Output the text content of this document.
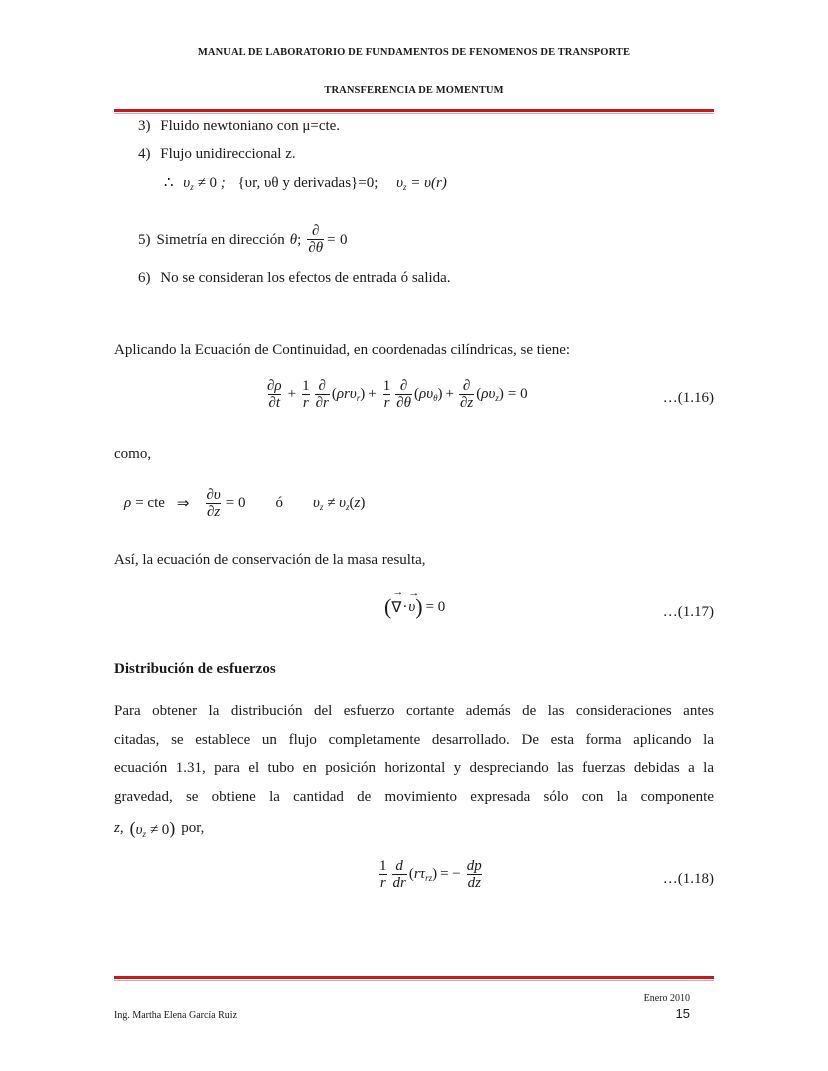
MANUAL DE LABORATORIO DE FUNDAMENTOS DE FENOMENOS DE TRANSPORTE
TRANSFERENCIA DE MOMENTUM
3) Fluido newtoniano con μ=cte.
4) Flujo unidireccional z.
∴ $\upsilon_z \ne 0$ ; {υr, υθ y derivadas}=0; $\upsilon_z = \upsilon(r)$
5) Simetría en dirección θ; $\frac{\partial}{\partial\theta} = 0$
6) No se consideran los efectos de entrada ó salida.
Aplicando la Ecuación de Continuidad, en coordenadas cilíndricas, se tiene:
$\frac{\partial\rho}{\partial t} + \frac{1}{r} \frac{\partial}{\partial r} (\rho r\upsilon_r) + \frac{1}{r} \frac{\partial}{\partial\theta} (\rho\upsilon_\theta) + \frac{\partial}{\partial z} (\rho\upsilon_z) = 0$	…(1.16)
como,
ρ = cte ⇒ $\frac{\partial\upsilon}{\partial z} = 0$ ó $\upsilon_z \ne \upsilon_z(z)$
Así, la ecuación de conservación de la masa resulta,
(
→
∇ ·
→
υ ) = 0	…(1.17)
Distribución de esfuerzos
Para obtener la distribución del esfuerzo cortante además de las consideraciones antes
citadas, se establece un flujo completamente desarrollado. De esta forma aplicando la
ecuación 1.31, para el tubo en posición horizontal y despreciando las fuerzas debidas a la
gravedad, se obtiene la cantidad de movimiento expresada sólo con la componente
z, $(\upsilon_z \ne 0)$ por,
$\frac{1}{r} \frac{d}{dr} (r\tau_{rz})$ = − $\frac{dp}{dz}$	…(1.18)
Enero 2010
Ing. Martha Elena García Ruiz	15
